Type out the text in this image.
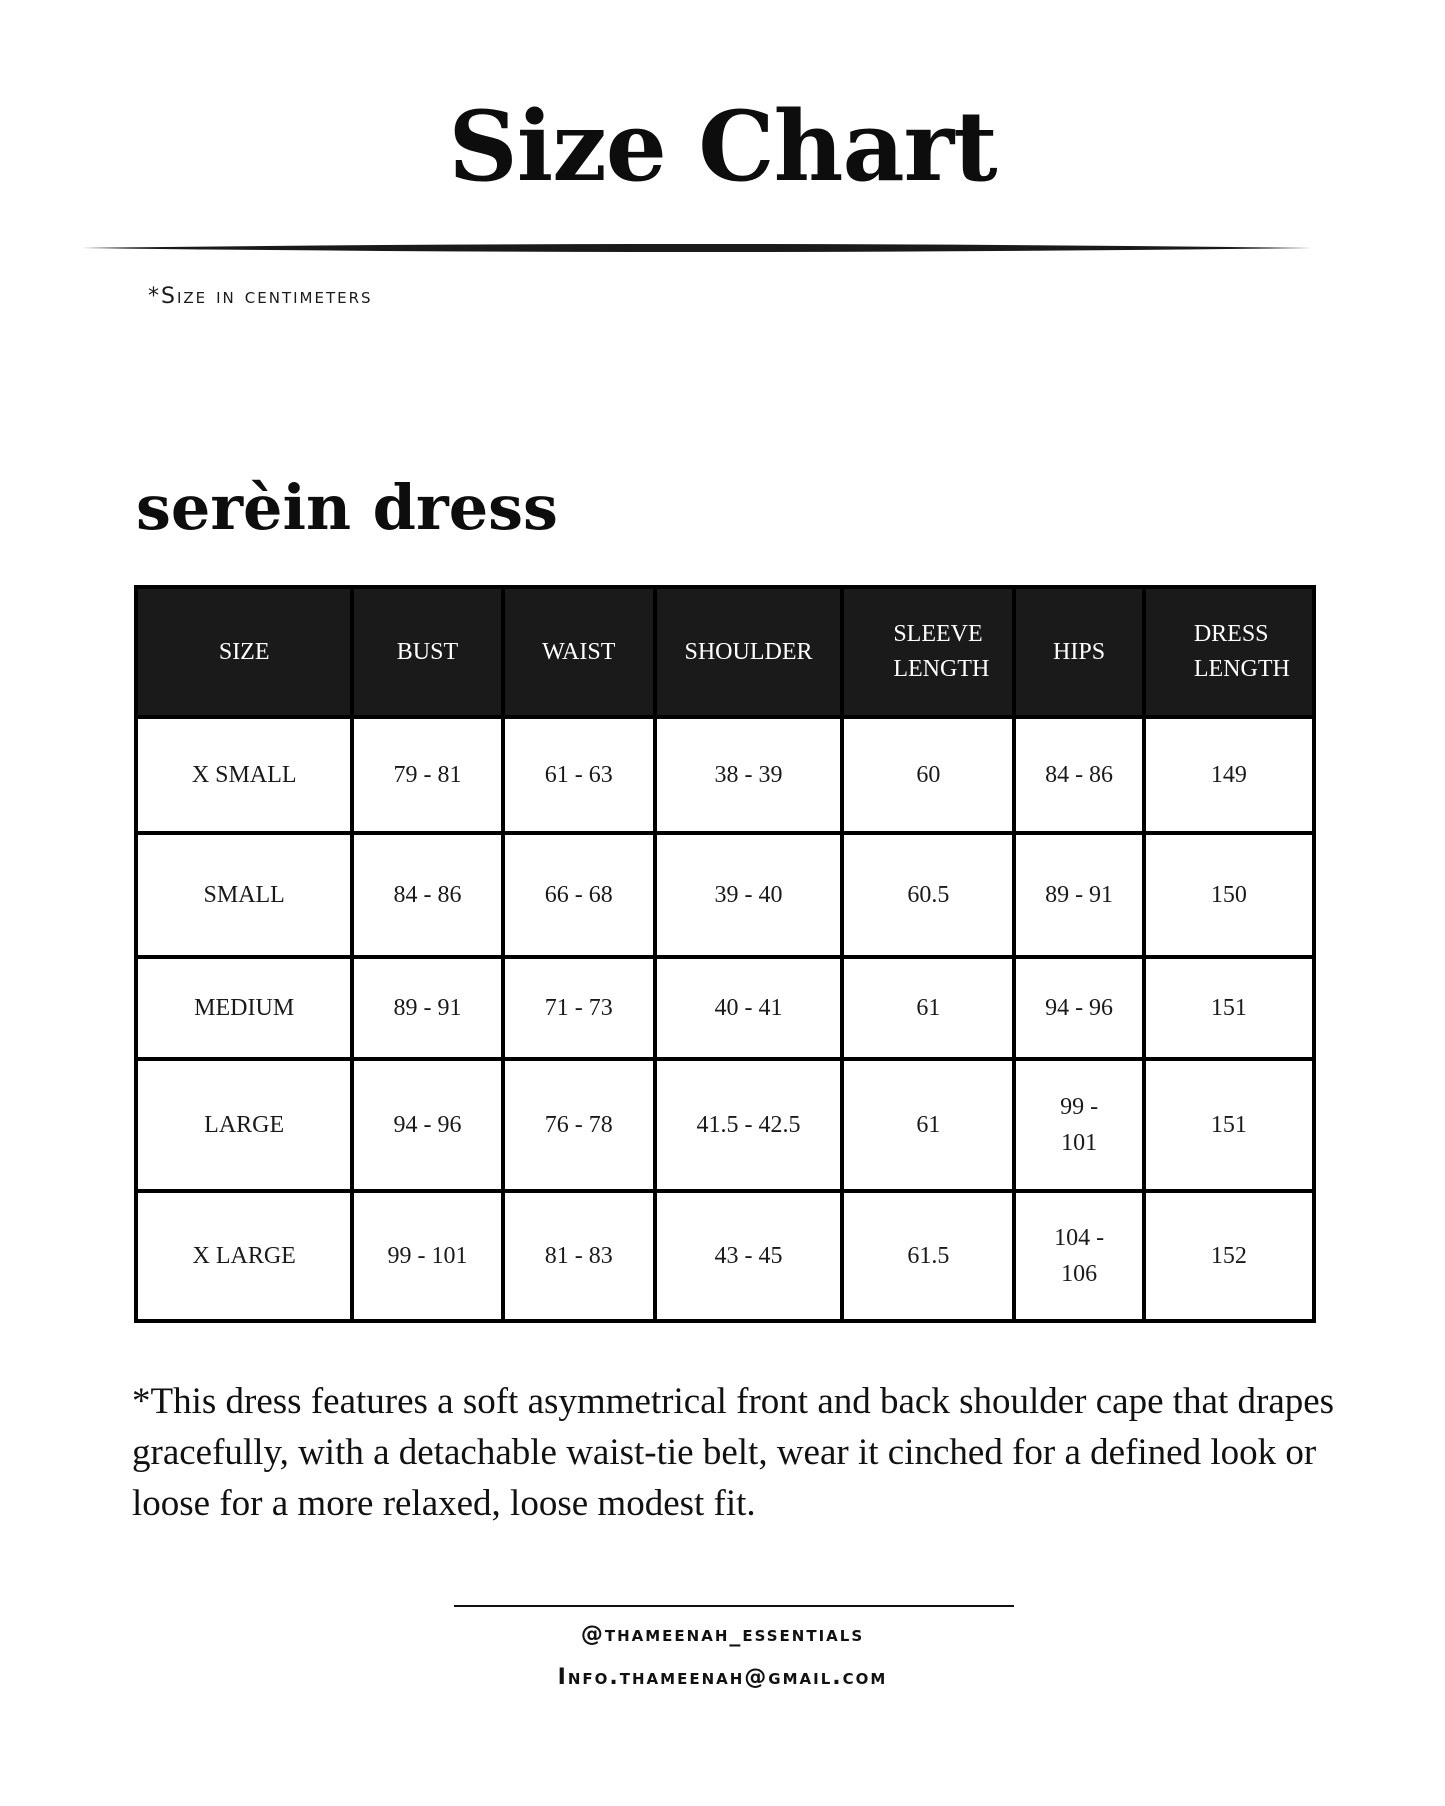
Size Chart
*Size in centimeters
serèin dress
SIZE	BUST	WAIST	SHOULDER	SLEEVE LENGTH	HIPS	DRESS LENGTH
X SMALL	79 - 81	61 - 63	38 - 39	60	84 - 86	149
SMALL	84 - 86	66 - 68	39 - 40	60.5	89 - 91	150
MEDIUM	89 - 91	71 - 73	40 - 41	61	94 - 96	151
LARGE	94 - 96	76 - 78	41.5 - 42.5	61	99 - 101	151
X LARGE	99 - 101	81 - 83	43 - 45	61.5	104 - 106	152

*This dress features a soft asymmetrical front and back shoulder cape that drapes gracefully, with a detachable waist-tie belt, wear it cinched for a defined look or loose for a more relaxed, loose modest fit.

@thameenah_essentials
Info.thameenah@gmail.com
